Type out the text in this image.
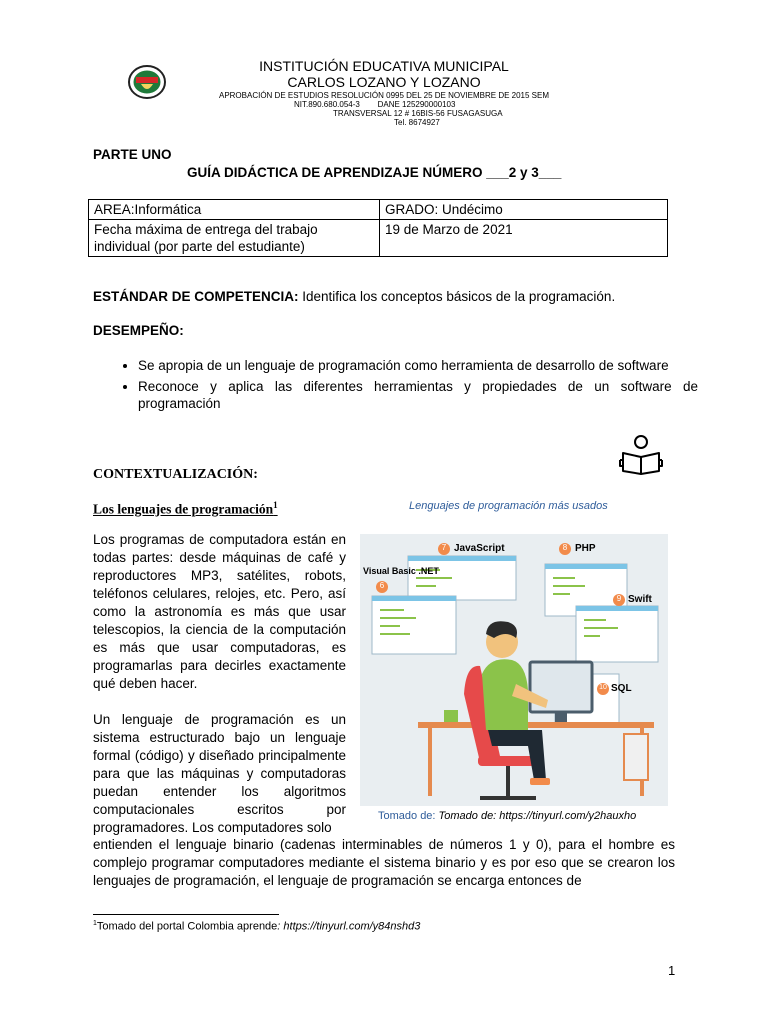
INSTITUCIÓN EDUCATIVA MUNICIPAL
CARLOS LOZANO Y LOZANO
APROBACIÓN DE ESTUDIOS RESOLUCIÓN 0995 DEL 25 DE NOVIEMBRE DE 2015 SEM
NIT.890.680.054-3        DANE 125290000103
TRANSVERSAL 12 # 16BIS-56 FUSAGASUGA
Tel. 8674927
PARTE UNO
GUÍA DIDÁCTICA DE APRENDIZAJE NÚMERO ___2 y 3___
AREA:Informática	GRADO: Undécimo
Fecha máxima de entrega del trabajo individual (por parte del estudiante)	19 de Marzo de 2021
ESTÁNDAR DE COMPETENCIA: Identifica los conceptos básicos de la programación.
DESEMPEÑO:
• Se apropia de un lenguaje de programación como herramienta de desarrollo de software
• Reconoce y aplica las diferentes herramientas y propiedades de un software de programación
CONTEXTUALIZACIÓN:
Los lenguajes de programación$^1$	Lenguajes de programación más usados
7 JavaScript
6
Visual Basic .NET
8 PHP
9 Swift
10 SQL
Tomado de: Tomado de: https://tinyurl.com/y2hauxho
Los programas de computadora están en todas partes: desde máquinas de café y reproductores MP3, satélites, robots, teléfonos celulares, relojes, etc. Pero, así como la astronomía es más que usar telescopios, la ciencia de la computación es más que usar computadoras, es programarlas para decirles exactamente qué deben hacer.
Un lenguaje de programación es un sistema estructurado bajo un lenguaje formal (código) y diseñado principalmente para que las máquinas y computadoras puedan entender los algoritmos computacionales escritos por programadores. Los computadores solo
entienden el lenguaje binario (cadenas interminables de números 1 y 0), para el hombre es complejo programar computadores mediante el sistema binario y es por eso que se crearon los lenguajes de programación, el lenguaje de programación se encarga entonces de
$^1$Tomado del portal Colombia aprende: https://tinyurl.com/y84nshd3
1
